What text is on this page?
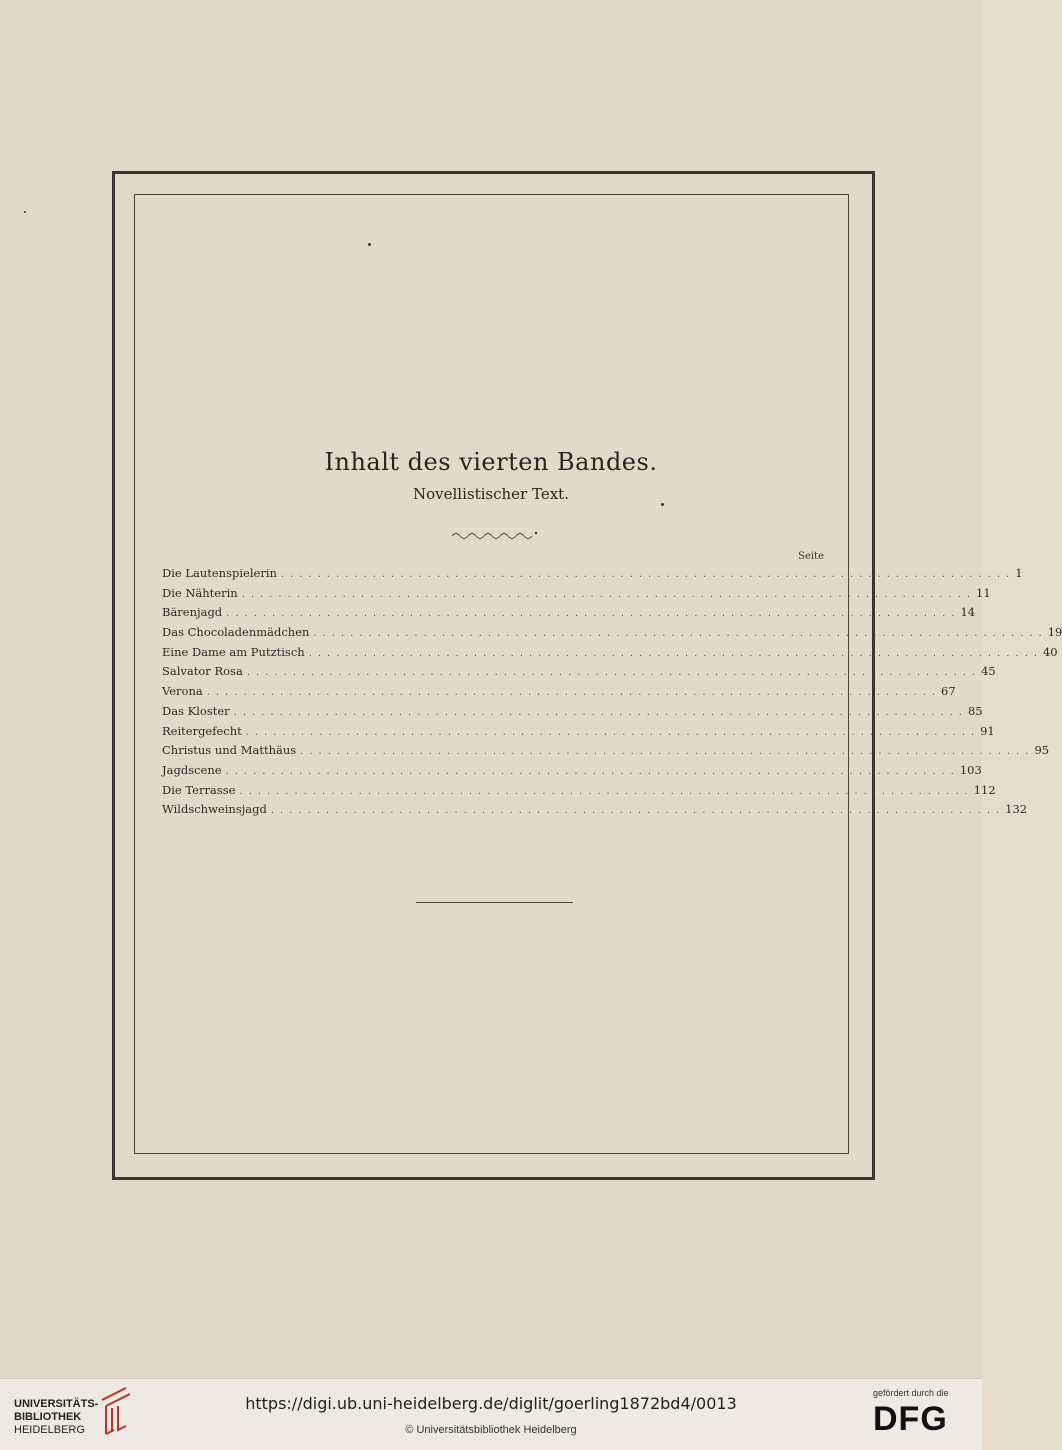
Inhalt des vierten Bandes.
Novellistischer Text.
Seite
Die Lautenspielerin ................................................................................ 1
Die Nähterin ................................................................................ 11
Bärenjagd ................................................................................ 14
Das Chocoladenmädchen ................................................................................ 19
Eine Dame am Putztisch ................................................................................ 40
Salvator Rosa ................................................................................ 45
Verona ................................................................................ 67
Das Kloster ................................................................................ 85
Reitergefecht ................................................................................ 91
Christus und Matthäus ................................................................................ 95
Jagdscene ................................................................................ 103
Die Terrasse ................................................................................ 112
Wildschweinsjagd ................................................................................ 132
UNIVERSITÄTS-
BIBLIOTHEK
HEIDELBERG
https://digi.ub.uni-heidelberg.de/diglit/goerling1872bd4/0013
© Universitätsbibliothek Heidelberg
gefördert durch die
DFG
